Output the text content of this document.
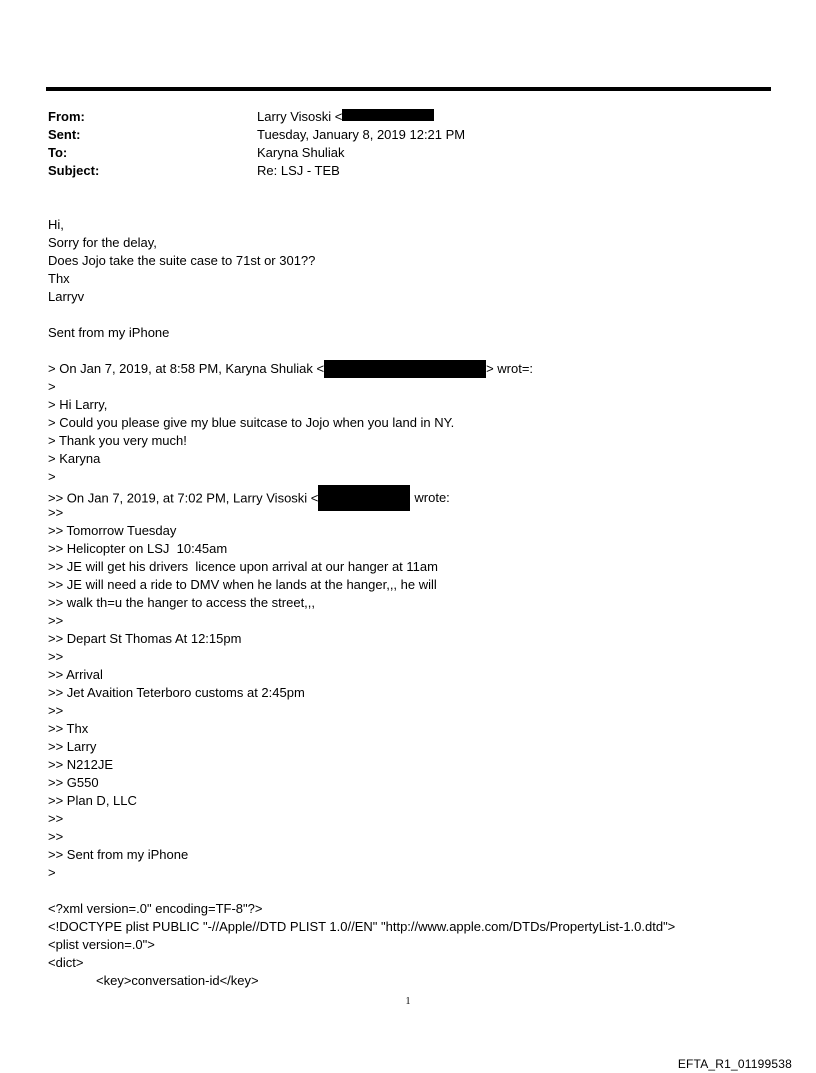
From:	Larry Visoski <
Sent:	Tuesday, January 8, 2019 12:21 PM
To:	Karyna Shuliak
Subject:	Re: LSJ - TEB
Hi,
Sorry for the delay,
Does Jojo take the suite case to 71st or 301??
Thx
Larryv
Sent from my iPhone
> On Jan 7, 2019, at 8:58 PM, Karyna Shuliak <	> wrot=:
>
> Hi Larry,
> Could you please give my blue suitcase to Jojo when you land in NY.
> Thank you very much!
> Karyna
>
>> On Jan 7, 2019, at 7:02 PM, Larry Visoski <	wrote:
>>
>> Tomorrow Tuesday
>> Helicopter on LSJ  10:45am
>> JE will get his drivers  licence upon arrival at our hanger at 11am
>> JE will need a ride to DMV when he lands at the hanger,,, he will
>> walk th=u the hanger to access the street,,,
>>
>> Depart St Thomas At 12:15pm
>>
>> Arrival
>> Jet Avaition Teterboro customs at 2:45pm
>>
>> Thx
>> Larry
>> N212JE
>> G550
>> Plan D, LLC
>>
>>
>> Sent from my iPhone
>
<?xml version=.0" encoding=TF-8"?>
<!DOCTYPE plist PUBLIC "-//Apple//DTD PLIST 1.0//EN" "http://www.apple.com/DTDs/PropertyList-1.0.dtd">
<plist version=.0">
<dict>
<key>conversation-id</key>
1
EFTA_R1_01199538
